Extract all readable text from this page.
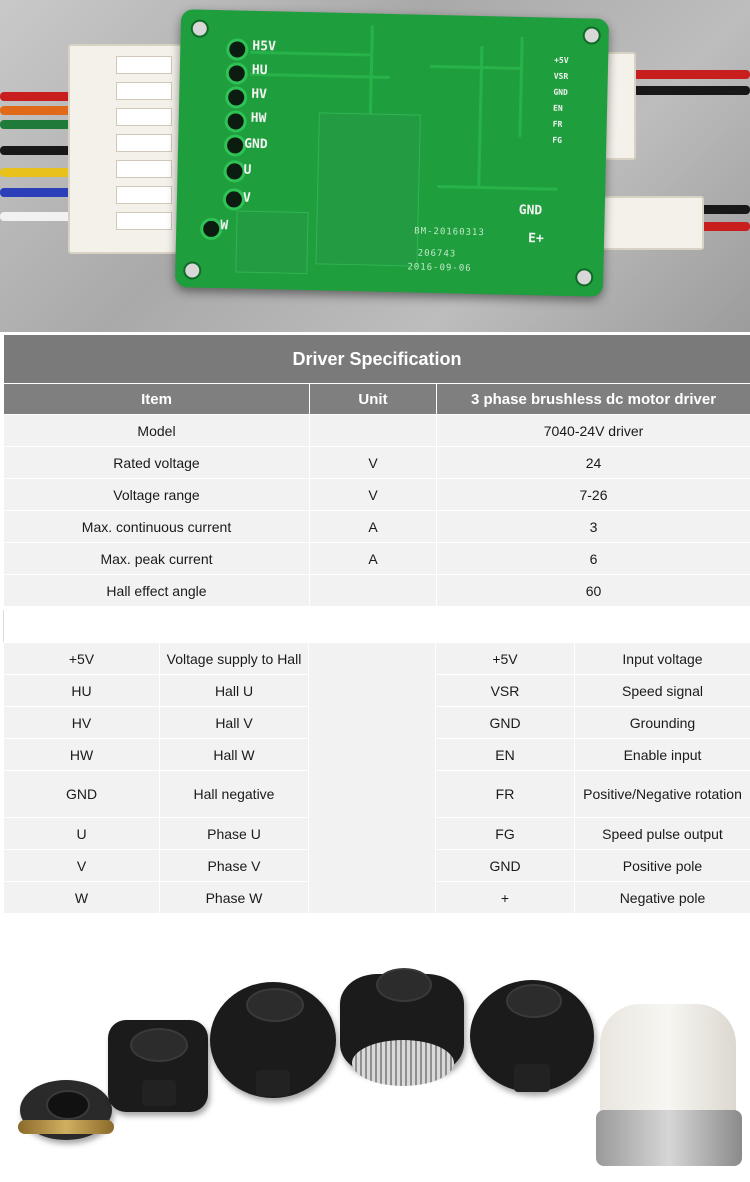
H5V
HU
HV
HW
GND
U
V
W
+5V
VSR
GND
EN
FR
FG
GND
E+
BM-20160313
206743
2016-09-06
Driver Specification		
Item	Unit	3 phase brushless dc motor driver
Model		7040-24V driver
Rated voltage	V	24
Voltage range	V	7-26
Max. continuous current	A	3
Max. peak current	A	6
Hall effect angle		60
+5V	Voltage supply to Hall		+5V	Input voltage
HU	Hall U		VSR	Speed signal
HV	Hall V		GND	Grounding
HW	Hall W		EN	Enable input
GND	Hall negative		FR	Positive/Negative rotation
U	Phase U		FG	Speed pulse output
V	Phase V		GND	Positive pole
W	Phase W		+	Negative pole
